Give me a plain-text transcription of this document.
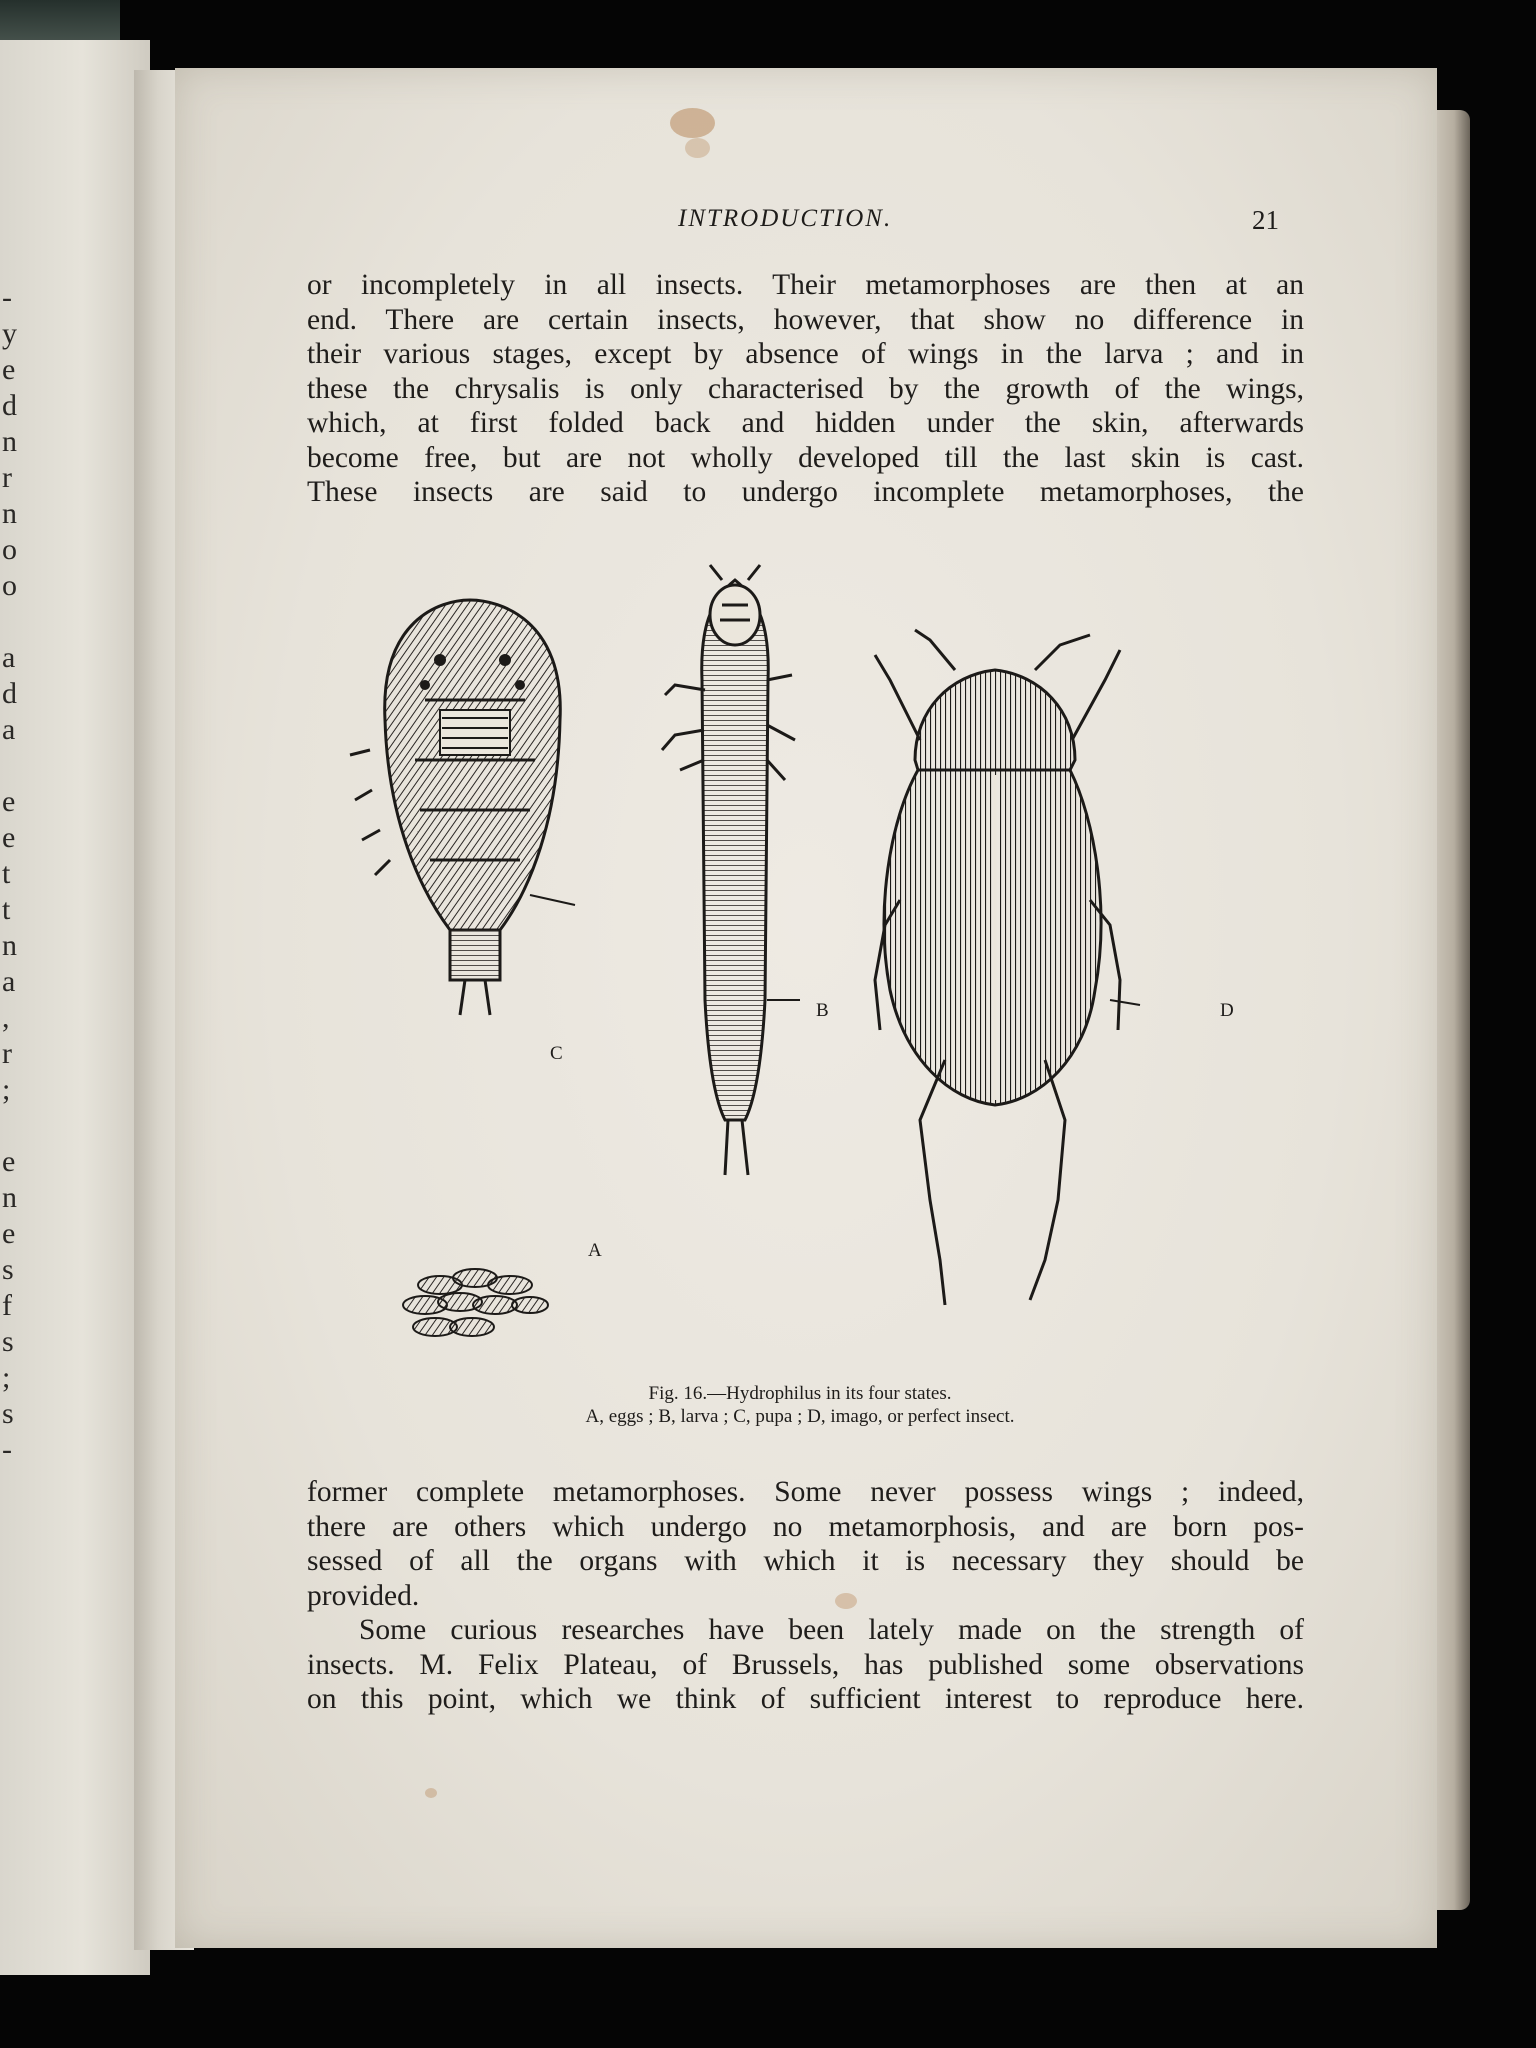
-
y
e
d
n
r
n
o
o
a
d
a
e
e
t
t
n
a
,
r
;
e
n
e
s
f
s
;
s
-
INTRODUCTION.	21

or incompletely in all insects. Their metamorphoses are then at an
end. There are certain insects, however, that show no difference in
their various stages, except by absence of wings in the larva ; and in
these the chrysalis is only characterised by the growth of the wings,
which, at first folded back and hidden under the skin, afterwards
become free, but are not wholly developed till the last skin is cast.
These insects are said to undergo incomplete metamorphoses, the

C
B	D
A
Fig. 16.—Hydrophilus in its four states.
A, eggs ; B, larva ; C, pupa ; D, imago, or perfect insect.

former complete metamorphoses. Some never possess wings ; indeed,
there are others which undergo no metamorphosis, and are born pos-
sessed of all the organs with which it is necessary they should be
provided.

Some curious researches have been lately made on the strength of
insects. M. Felix Plateau, of Brussels, has published some observations
on this point, which we think of sufficient interest to reproduce here.
